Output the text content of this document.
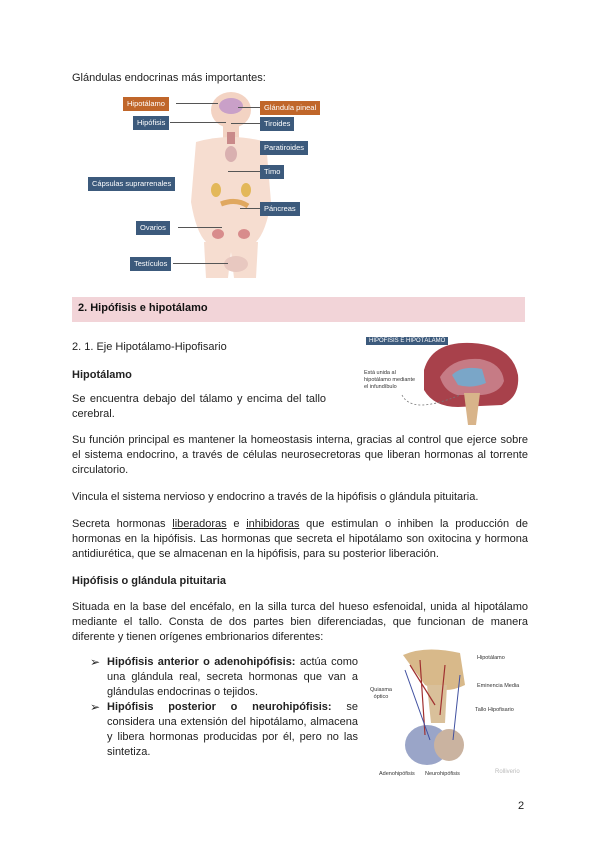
Glándulas endocrinas más importantes:
Hipotálamo
Hipófisis
Cápsulas suprarrenales
Ovarios
Testículos
Glándula pineal
Tiroides
Paratiroides
Timo
Páncreas
2. Hipófisis e hipotálamo
2. 1. Eje Hipotálamo-Hipofisario	HIPÓFISIS E HIPOTÁLAMO
Está unida al
hipotálamo mediante
el infundíbulo
Hipotálamo
Se encuentra debajo del tálamo y encima del tallo cerebral.
Su función principal es mantener la homeostasis interna, gracias al control que ejerce sobre el sistema endocrino, a través de células neurosecretoras que liberan hormonas al torrente circulatorio.
Vincula el sistema nervioso y endocrino a través de la hipófisis o glándula pituitaria.
Secreta hormonas liberadoras e inhibidoras que estimulan o inhiben la producción de hormonas en la hipófisis. Las hormonas que secreta el hipotálamo son oxitocina y hormona antidiurética, que se almacenan en la hipófisis, para su posterior liberación.
Hipófisis o glándula pituitaria
Situada en la base del encéfalo, en la silla turca del hueso esfenoidal, unida al hipotálamo mediante el tallo. Consta de dos partes bien diferenciadas, que funcionan de manera diferente y tienen orígenes embrionarios diferentes:
➢ Hipófisis anterior o adenohipófisis: actúa como una glándula real, secreta hormonas que van a glándulas endocrinas o tejidos.
➢ Hipófisis posterior o neurohipófisis: se considera una extensión del hipotálamo, almacena y libera hormonas producidas por él, pero no las sintetiza.
Rolliverio
Hipotálamo
Quiasma óptico
Eminencia Media
Tallo Hipofisario
Adenohipófisis Neurohipófisis
2
